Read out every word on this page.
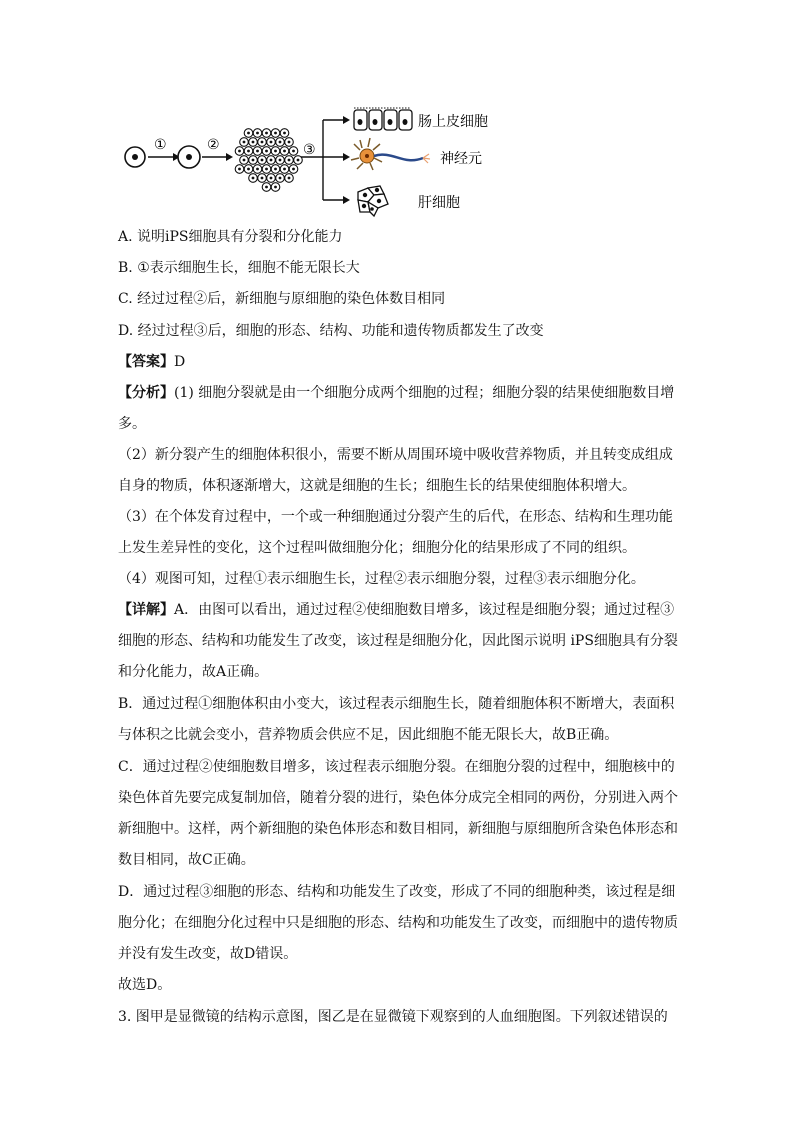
①	②	③
肠上皮细胞
神经元
肝细胞
A. 说明iPS细胞具有分裂和分化能力
B. ①表示细胞生长，细胞不能无限长大
C. 经过过程②后，新细胞与原细胞的染色体数目相同
D. 经过过程③后，细胞的形态、结构、功能和遗传物质都发生了改变
【答案】D
【分析】(1) 细胞分裂就是由一个细胞分成两个细胞的过程；细胞分裂的结果使细胞数目增多。
（2）新分裂产生的细胞体积很小，需要不断从周围环境中吸收营养物质，并且转变成组成自身的物质，体积逐渐增大，这就是细胞的生长；细胞生长的结果使细胞体积增大。
（3）在个体发育过程中，一个或一种细胞通过分裂产生的后代，在形态、结构和生理功能上发生差异性的变化，这个过程叫做细胞分化；细胞分化的结果形成了不同的组织。
（4）观图可知，过程①表示细胞生长，过程②表示细胞分裂，过程③表示细胞分化。
【详解】A．由图可以看出，通过过程②使细胞数目增多，该过程是细胞分裂；通过过程③细胞的形态、结构和功能发生了改变，该过程是细胞分化，因此图示说明 iPS细胞具有分裂和分化能力，故A正确。
B．通过过程①细胞体积由小变大，该过程表示细胞生长，随着细胞体积不断增大，表面积与体积之比就会变小，营养物质会供应不足，因此细胞不能无限长大，故B正确。
C．通过过程②使细胞数目增多，该过程表示细胞分裂。在细胞分裂的过程中，细胞核中的染色体首先要完成复制加倍，随着分裂的进行，染色体分成完全相同的两份，分别进入两个新细胞中。这样，两个新细胞的染色体形态和数目相同，新细胞与原细胞所含染色体形态和数目相同，故C正确。
D．通过过程③细胞的形态、结构和功能发生了改变，形成了不同的细胞种类，该过程是细胞分化；在细胞分化过程中只是细胞的形态、结构和功能发生了改变，而细胞中的遗传物质并没有发生改变，故D错误。
故选D。
3. 图甲是显微镜的结构示意图，图乙是在显微镜下观察到的人血细胞图。下列叙述错误的
